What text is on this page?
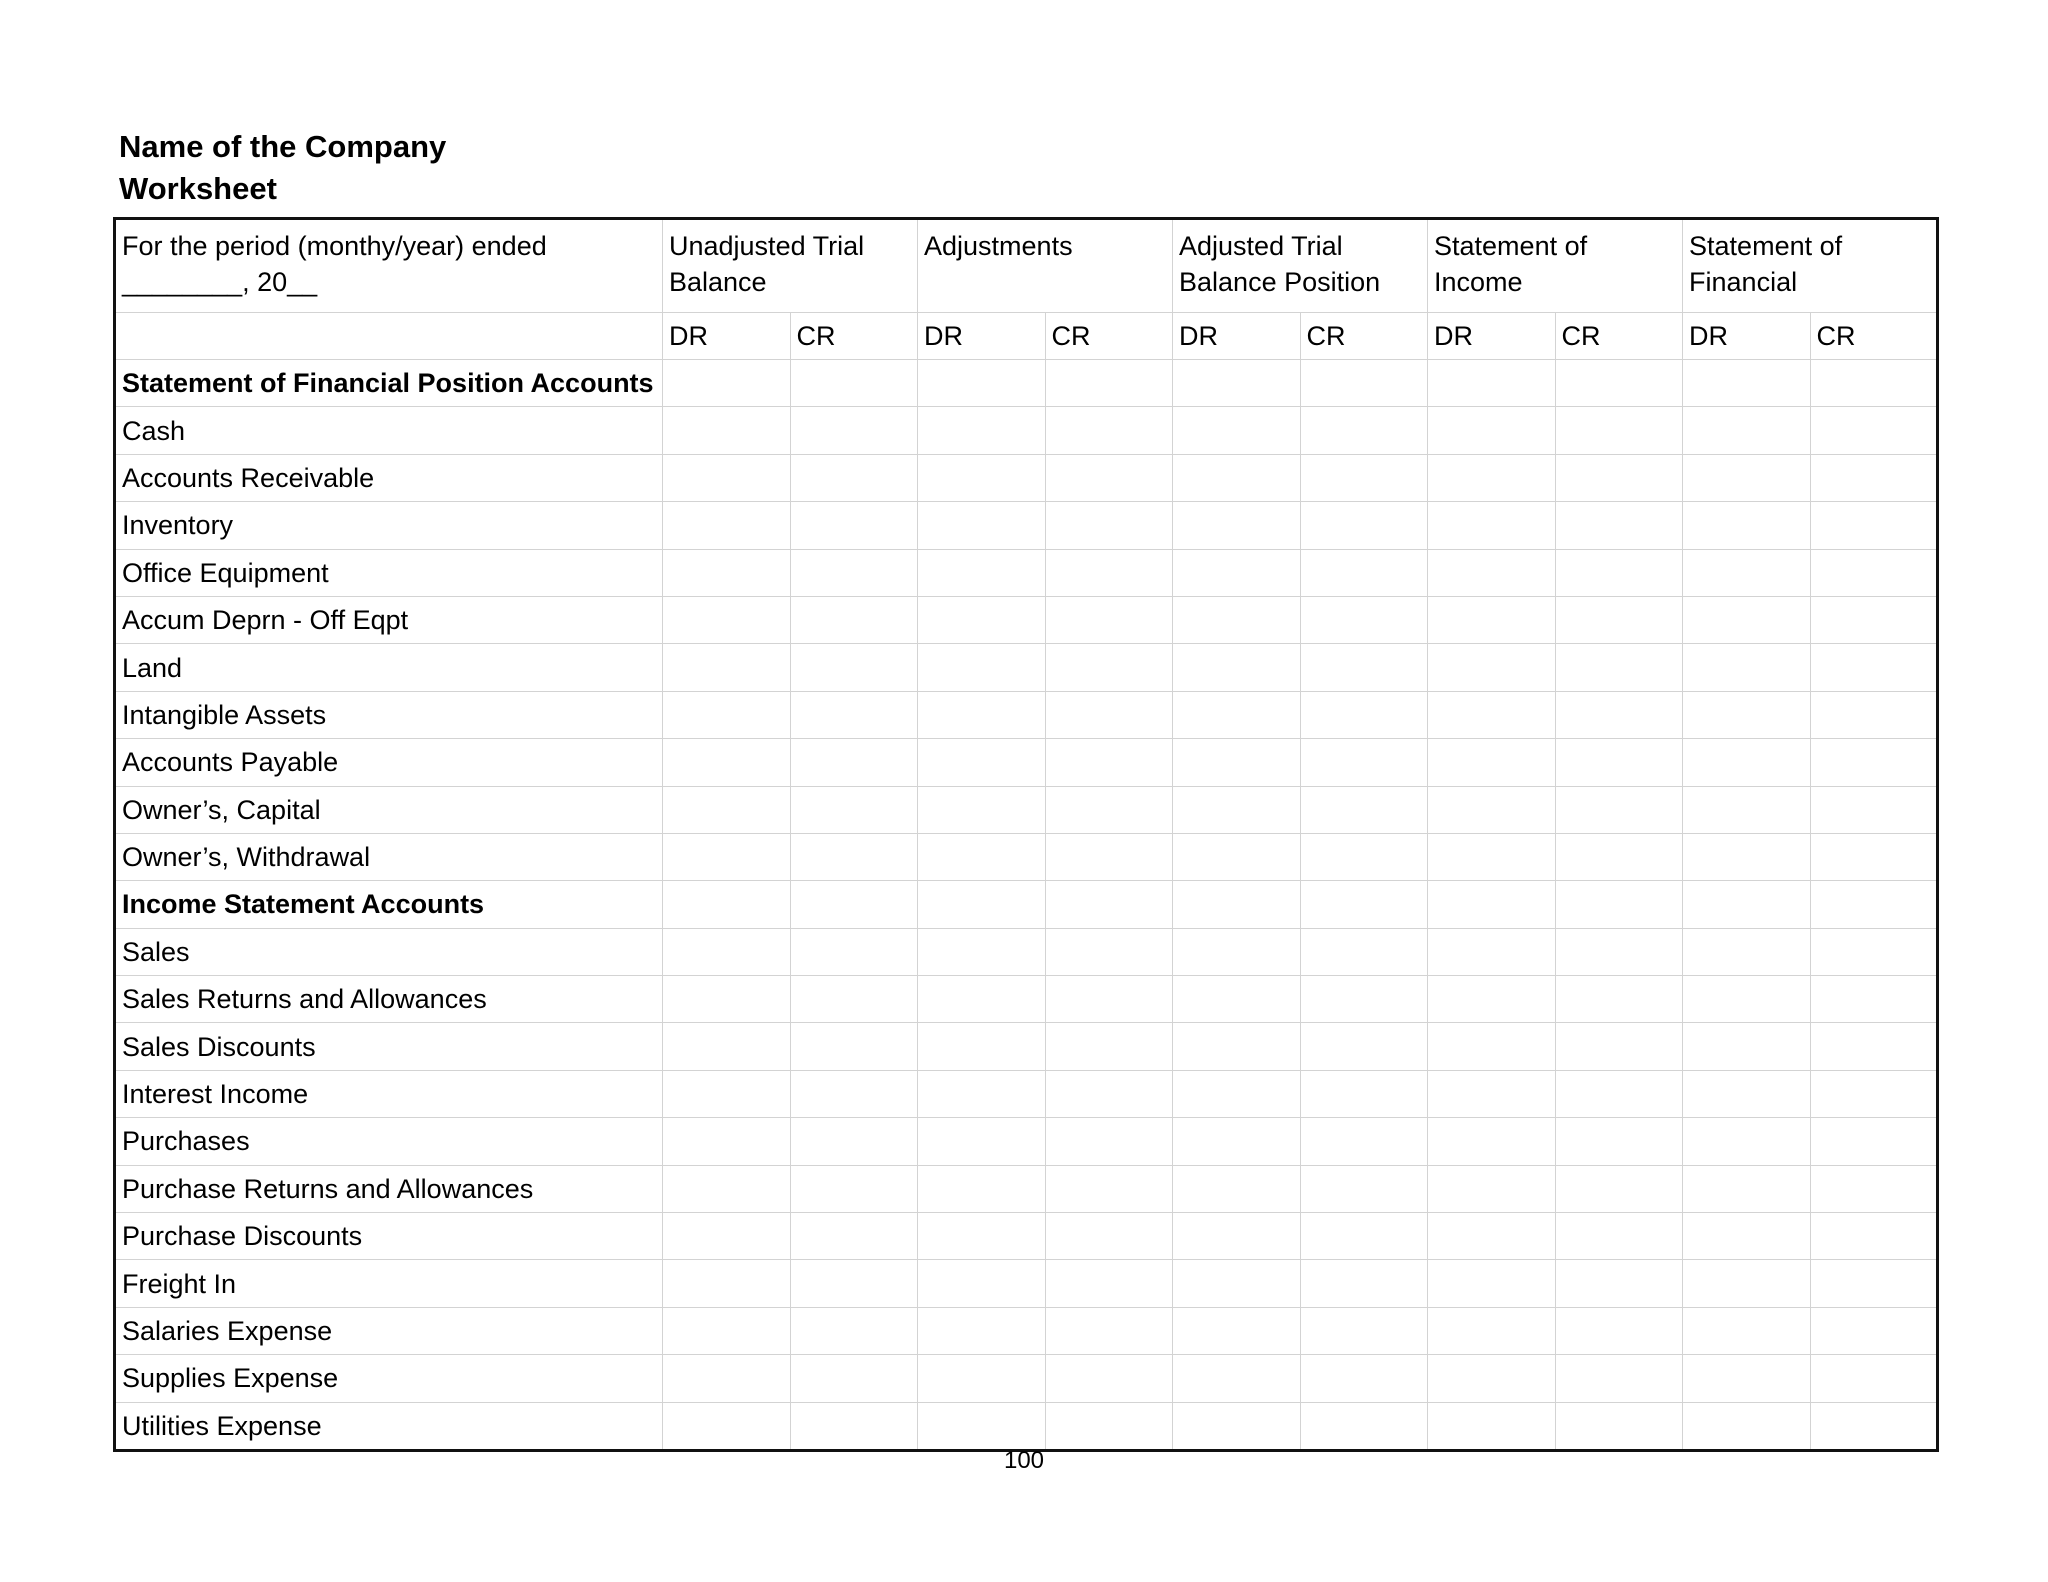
Name of the Company
Worksheet
For the period (monthy/year) ended
________, 20__	Unadjusted Trial Balance		Adjustments		Adjusted Trial Balance Position		Statement of Income		Statement of Financial	
	DR	CR	DR	CR	DR	CR	DR	CR	DR	CR
Statement of Financial Position Accounts										
Cash										
Accounts Receivable										
Inventory										
Office Equipment										
Accum Deprn - Off Eqpt										
Land										
Intangible Assets										
Accounts Payable										
Owner’s, Capital										
Owner’s, Withdrawal										
Income Statement Accounts										
Sales										
Sales Returns and Allowances										
Sales Discounts										
Interest Income										
Purchases										
Purchase Returns and Allowances										
Purchase Discounts										
Freight In										
Salaries Expense										
Supplies Expense										
Utilities Expense										
100
